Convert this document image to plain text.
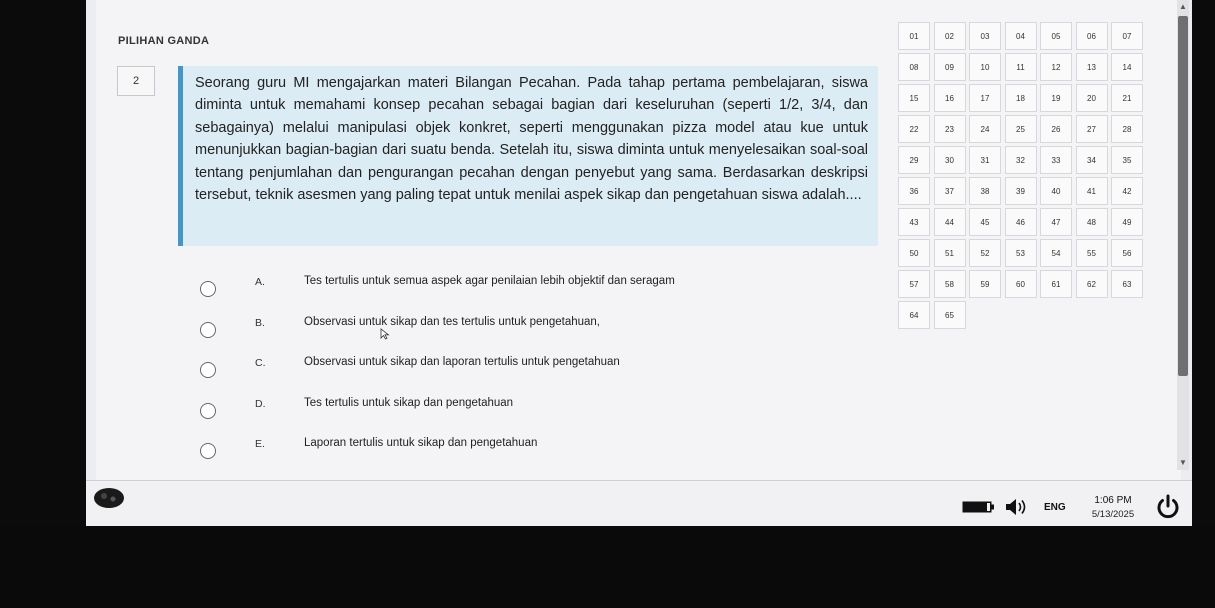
PILIHAN GANDA
2	Seorang guru MI mengajarkan materi Bilangan Pecahan. Pada tahap pertama pembelajaran, siswa diminta untuk memahami konsep pecahan sebagai bagian dari keseluruhan (seperti 1/2, 3/4, dan sebagainya) melalui manipulasi objek konkret, seperti menggunakan pizza model atau kue untuk menunjukkan bagian-bagian dari suatu benda. Setelah itu, siswa diminta untuk menyelesaikan soal-soal tentang penjumlahan dan pengurangan pecahan dengan penyebut yang sama. Berdasarkan deskripsi tersebut, teknik asesmen yang paling tepat untuk menilai aspek sikap dan pengetahuan siswa adalah....

A.	Tes tertulis untuk semua aspek agar penilaian lebih objektif dan seragam
B.	Observasi untuk sikap dan tes tertulis untuk pengetahuan,
C.	Observasi untuk sikap dan laporan tertulis untuk pengetahuan
D.	Tes tertulis untuk sikap dan pengetahuan
E.	Laporan tertulis untuk sikap dan pengetahuan
01	02	03	04	05	06	07
08	09	10	11	12	13	14
15	16	17	18	19	20	21
22	23	24	25	26	27	28
29	30	31	32	33	34	35
36	37	38	39	40	41	42
43	44	45	46	47	48	49
50	51	52	53	54	55	56
57	58	59	60	61	62	63
64	65
▲
▼
ENG
1:06 PM
5/13/2025
